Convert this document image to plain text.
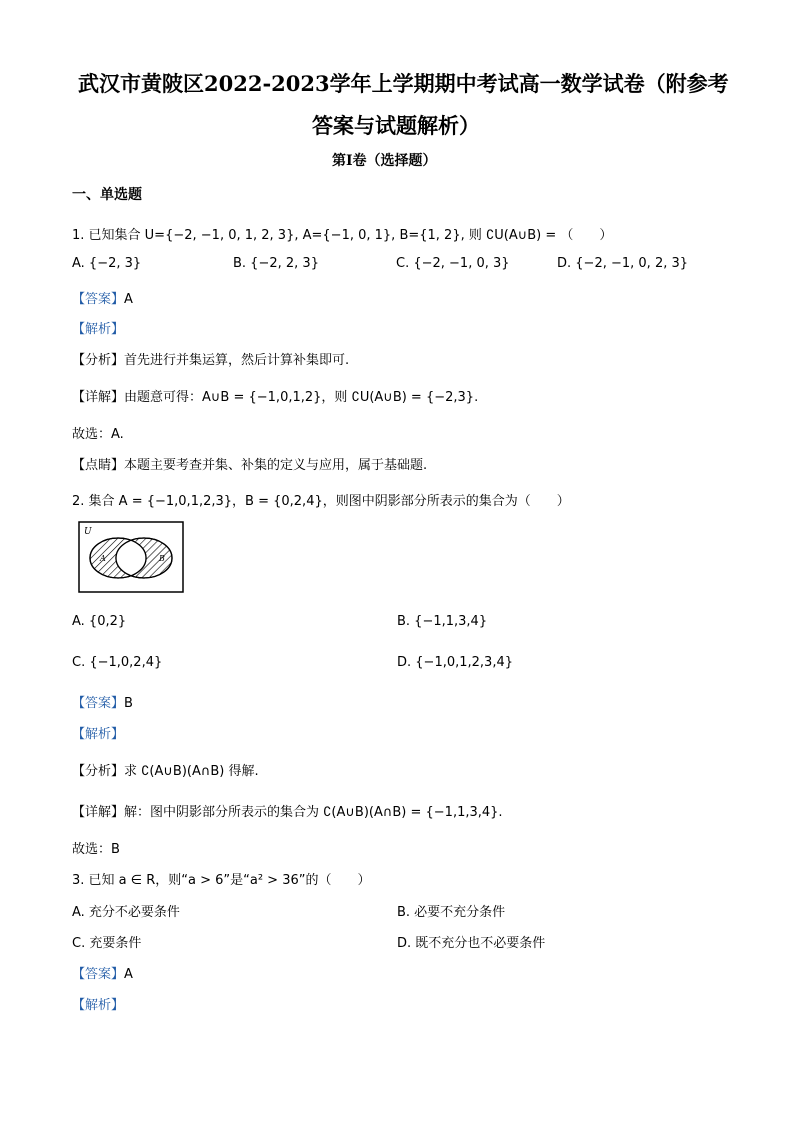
武汉市黄陂区2022-2023学年上学期期中考试高一数学试卷（附参考
答案与试题解析）
第Ⅰ卷（选择题）
一、单选题
1. 已知集合 U={−2, −1, 0, 1, 2, 3}, A={−1, 0, 1}, B={1, 2}, 则 ∁U(A∪B) = （　　）
A. {−2, 3}	B. {−2, 2, 3}	C. {−2, −1, 0, 3}	D. {−2, −1, 0, 2, 3}
【答案】A
【解析】
【分析】首先进行并集运算，然后计算补集即可.
【详解】由题意可得：A∪B = {−1,0,1,2}，则 ∁U(A∪B) = {−2,3}.
故选：A.
【点睛】本题主要考查并集、补集的定义与应用，属于基础题.
2. 集合 A = {−1,0,1,2,3}，B = {0,2,4}，则图中阴影部分所表示的集合为（　　）
U
A	B
A. {0,2}	B. {−1,1,3,4}
C. {−1,0,2,4}	D. {−1,0,1,2,3,4}
【答案】B
【解析】
【分析】求 ∁(A∪B)(A∩B) 得解.
【详解】解：图中阴影部分所表示的集合为 ∁(A∪B)(A∩B) = {−1,1,3,4}.
故选：B
3. 已知 a ∈ R，则“a > 6”是“a² > 36”的（　　）
A. 充分不必要条件	B. 必要不充分条件
C. 充要条件	D. 既不充分也不必要条件
【答案】A
【解析】
